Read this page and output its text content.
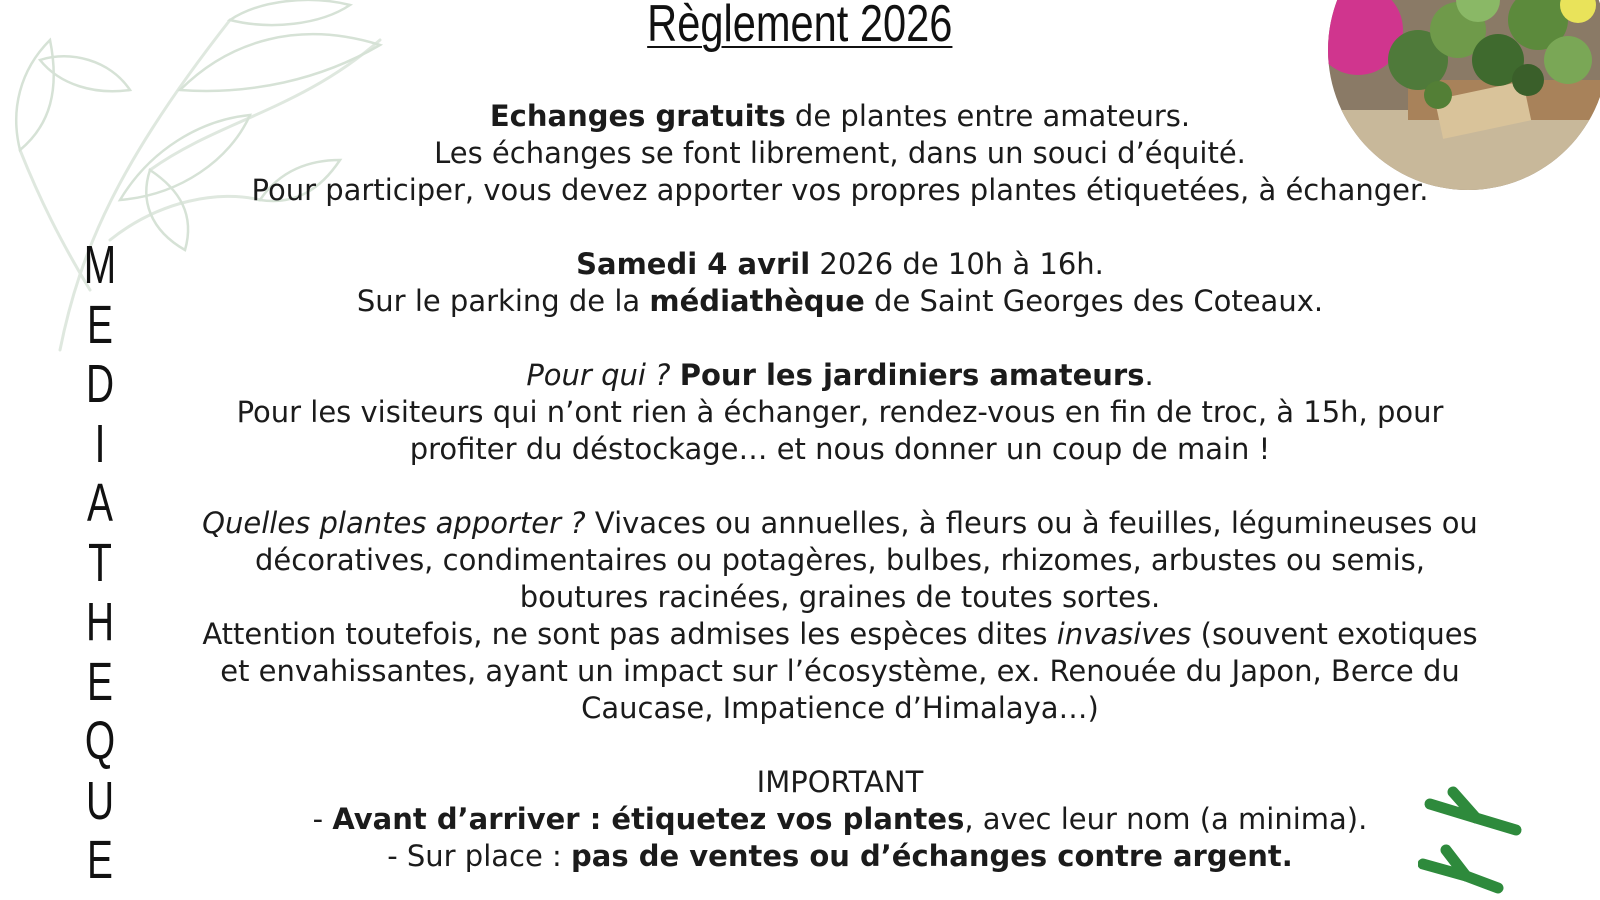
M
E
D
I
A
T
H
E
Q
U
E
Règlement 2026

Echanges gratuits de plantes entre amateurs.

Les échanges se font librement, dans un souci d’équité.

Pour participer, vous devez apporter vos propres plantes étiquetées, à échanger.

Samedi 4 avril 2026 de 10h à 16h.

Sur le parking de la médiathèque de Saint Georges des Coteaux.

Pour qui ? Pour les jardiniers amateurs.

Pour les visiteurs qui n’ont rien à échanger, rendez-vous en fin de troc, à 15h, pour

profiter du déstockage… et nous donner un coup de main !

Quelles plantes apporter ? Vivaces ou annuelles, à fleurs ou à feuilles, légumineuses ou

décoratives, condimentaires ou potagères, bulbes, rhizomes, arbustes ou semis,

boutures racinées, graines de toutes sortes.

Attention toutefois, ne sont pas admises les espèces dites invasives (souvent exotiques

et envahissantes, ayant un impact sur l’écosystème, ex. Renouée du Japon, Berce du

Caucase, Impatience d’Himalaya…)

IMPORTANT

- Avant d’arriver : étiquetez vos plantes, avec leur nom (a minima).

- Sur place : pas de ventes ou d’échanges contre argent.
